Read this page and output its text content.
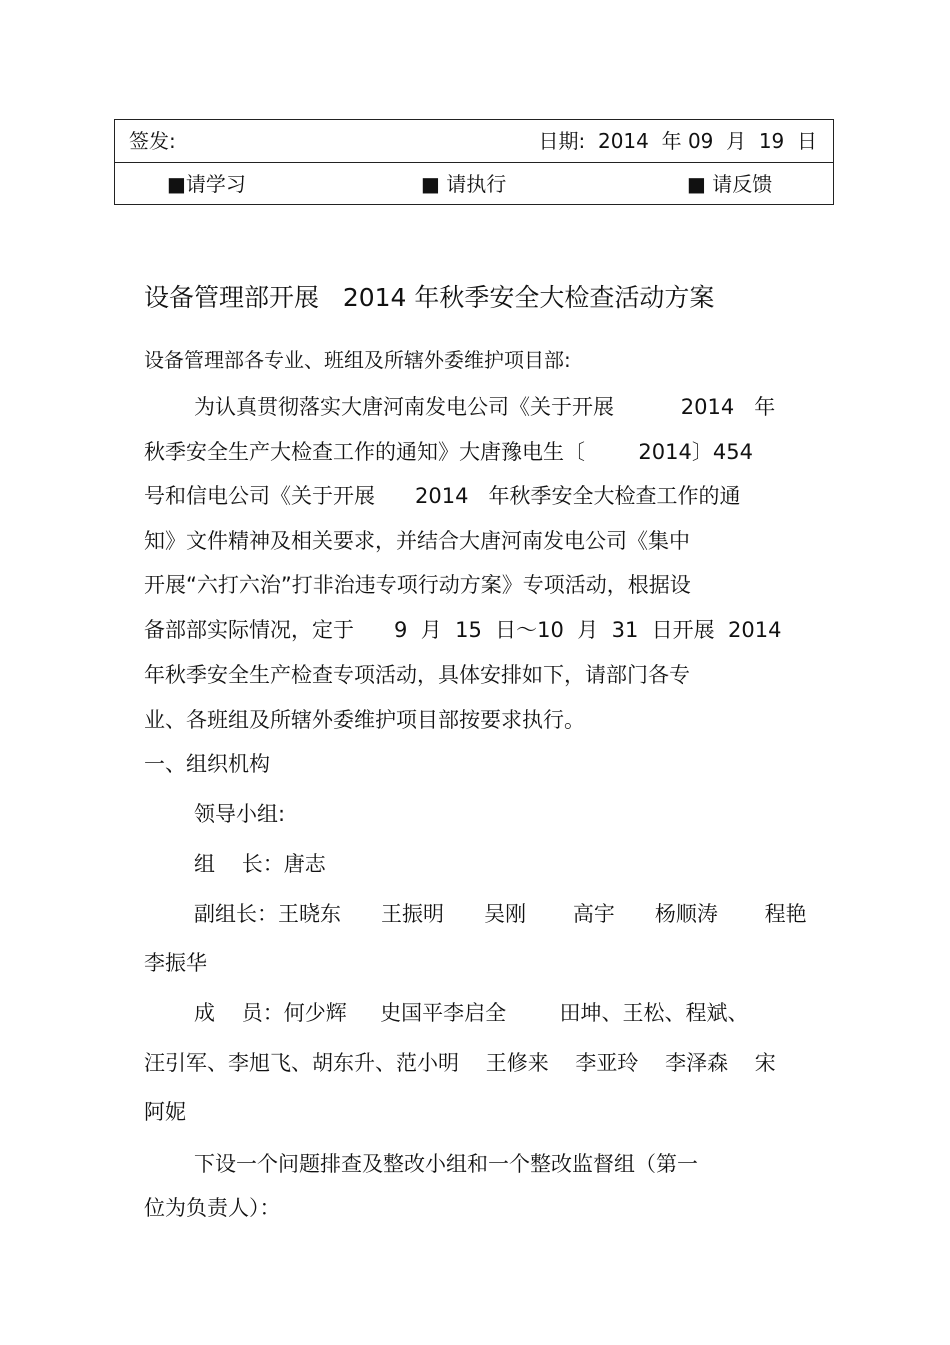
签发:	日期:  2014  年 09  月  19  日
■请学习	■ 请执行	■ 请反馈
设备管理部开展   2014 年秋季安全大检查活动方案
设备管理部各专业、班组及所辖外委维护项目部:
为认真贯彻落实大唐河南发电公司《关于开展          2014   年
秋季安全生产大检查工作的通知》大唐豫电生〔        2014〕454
号和信电公司《关于开展      2014   年秋季安全大检查工作的通
知》文件精神及相关要求，并结合大唐河南发电公司《集中
开展“六打六治”打非治违专项行动方案》专项活动，根据设
备部部实际情况，定于      9  月  15  日～10  月  31  日开展  2014
年秋季安全生产检查专项活动，具体安排如下，请部门各专
业、各班组及所辖外委维护项目部按要求执行。
一、组织机构
领导小组:
组    长：唐志
副组长：王晓东      王振明      吴刚       高宇      杨顺涛       程艳
李振华
成    员：何少辉     史国平李启全        田坤、王松、程斌、
汪引军、李旭飞、胡东升、范小明    王修来    李亚玲    李泽森    宋
阿妮
下设一个问题排查及整改小组和一个整改监督组（第一
位为负责人）：
